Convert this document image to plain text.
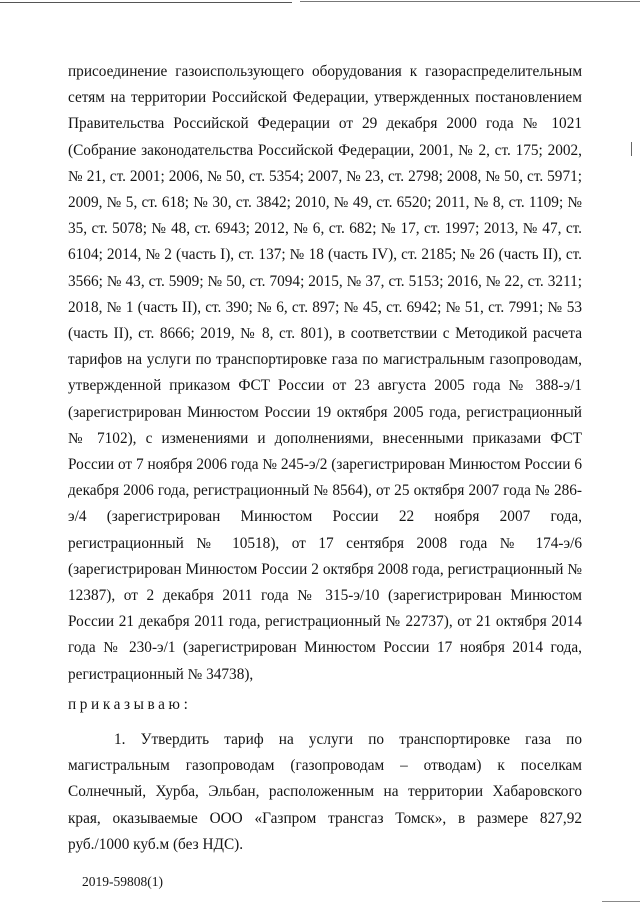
присоединение газоиспользующего оборудования к газораспределительным сетям на территории Российской Федерации, утвержденных постановлением Правительства Российской Федерации от 29 декабря 2000 года № 1021 (Собрание законодательства Российской Федерации, 2001, № 2, ст. 175; 2002, № 21, ст. 2001; 2006, № 50, ст. 5354; 2007, № 23, ст. 2798; 2008, № 50, ст. 5971; 2009, № 5, ст. 618; № 30, ст. 3842; 2010, № 49, ст. 6520; 2011, № 8, ст. 1109; № 35, ст. 5078; № 48, ст. 6943; 2012, № 6, ст. 682; № 17, ст. 1997; 2013, № 47, ст. 6104; 2014, № 2 (часть I), ст. 137; № 18 (часть IV), ст. 2185; № 26 (часть II), ст. 3566; № 43, ст. 5909; № 50, ст. 7094; 2015, № 37, ст. 5153; 2016, № 22, ст. 3211; 2018, № 1 (часть II), ст. 390; № 6, ст. 897; № 45, ст. 6942; № 51, ст. 7991; № 53 (часть II), ст. 8666; 2019, № 8, ст. 801), в соответствии с Методикой расчета тарифов на услуги по транспортировке газа по магистральным газопроводам, утвержденной приказом ФСТ России от 23 августа 2005 года № 388-э/1 (зарегистрирован Минюстом России 19 октября 2005 года, регистрационный № 7102), с изменениями и дополнениями, внесенными приказами ФСТ России от 7 ноября 2006 года № 245-э/2 (зарегистрирован Минюстом России 6 декабря 2006 года, регистрационный № 8564), от 25 октября 2007 года № 286-э/4 (зарегистрирован Минюстом России 22 ноября 2007 года, регистрационный № 10518), от 17 сентября 2008 года № 174-э/6 (зарегистрирован Минюстом России 2 октября 2008 года, регистрационный № 12387), от 2 декабря 2011 года № 315-э/10 (зарегистрирован Минюстом России 21 декабря 2011 года, регистрационный № 22737), от 21 октября 2014 года № 230-э/1 (зарегистрирован Минюстом России 17 ноября 2014 года, регистрационный № 34738),

приказываю:

1. Утвердить тариф на услуги по транспортировке газа по магистральным газопроводам (газопроводам – отводам) к поселкам Солнечный, Хурба, Эльбан, расположенным на территории Хабаровского края, оказываемые ООО «Газпром трансгаз Томск», в размере 827,92 руб./1000 куб.м (без НДС).

2019-59808(1)
